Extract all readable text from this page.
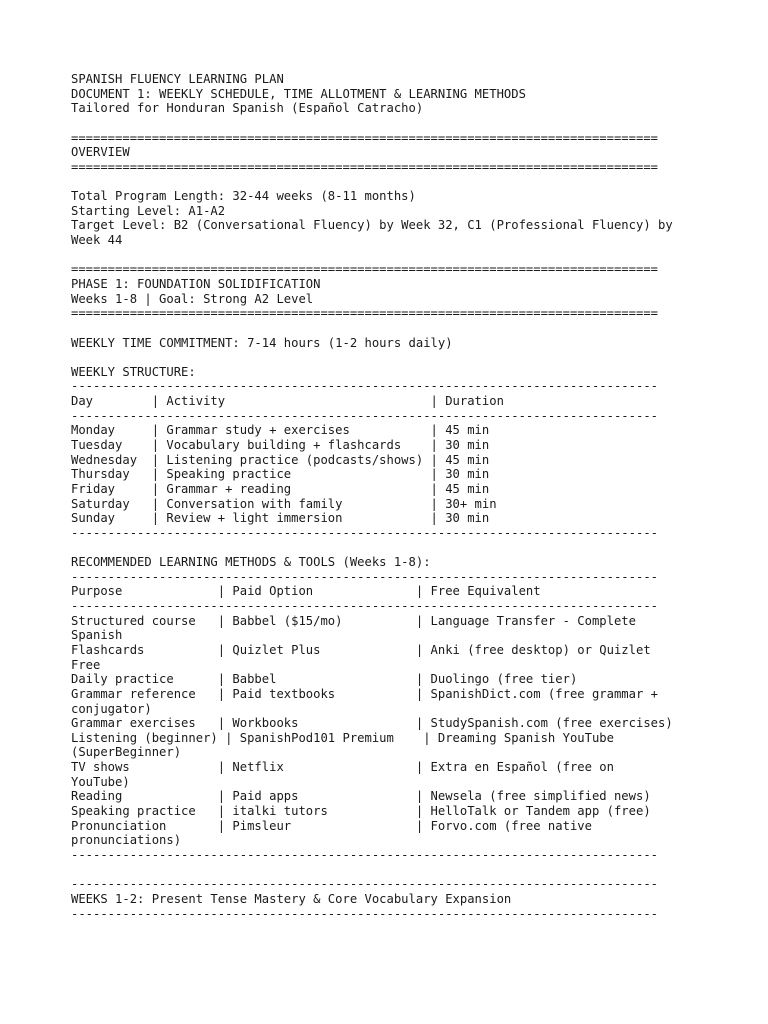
SPANISH FLUENCY LEARNING PLAN
DOCUMENT 1: WEEKLY SCHEDULE, TIME ALLOTMENT & LEARNING METHODS
Tailored for Honduran Spanish (Español Catracho)
================================================================================
OVERVIEW
================================================================================
Total Program Length: 32-44 weeks (8-11 months)
Starting Level: A1-A2
Target Level: B2 (Conversational Fluency) by Week 32, C1 (Professional Fluency) by
Week 44
================================================================================
PHASE 1: FOUNDATION SOLIDIFICATION
Weeks 1-8 | Goal: Strong A2 Level
================================================================================
WEEKLY TIME COMMITMENT: 7-14 hours (1-2 hours daily)
WEEKLY STRUCTURE:
--------------------------------------------------------------------------------
Day        | Activity                            | Duration
--------------------------------------------------------------------------------
Monday     | Grammar study + exercises           | 45 min
Tuesday    | Vocabulary building + flashcards    | 30 min
Wednesday  | Listening practice (podcasts/shows) | 45 min
Thursday   | Speaking practice                   | 30 min
Friday     | Grammar + reading                   | 45 min
Saturday   | Conversation with family            | 30+ min
Sunday     | Review + light immersion            | 30 min
--------------------------------------------------------------------------------
RECOMMENDED LEARNING METHODS & TOOLS (Weeks 1-8):
--------------------------------------------------------------------------------
Purpose             | Paid Option              | Free Equivalent
--------------------------------------------------------------------------------
Structured course   | Babbel ($15/mo)          | Language Transfer - Complete
Spanish
Flashcards          | Quizlet Plus             | Anki (free desktop) or Quizlet
Free
Daily practice      | Babbel                   | Duolingo (free tier)
Grammar reference   | Paid textbooks           | SpanishDict.com (free grammar +
conjugator)
Grammar exercises   | Workbooks                | StudySpanish.com (free exercises)
Listening (beginner) | SpanishPod101 Premium    | Dreaming Spanish YouTube
(SuperBeginner)
TV shows            | Netflix                  | Extra en Español (free on
YouTube)
Reading             | Paid apps                | Newsela (free simplified news)
Speaking practice   | italki tutors            | HelloTalk or Tandem app (free)
Pronunciation       | Pimsleur                 | Forvo.com (free native
pronunciations)
--------------------------------------------------------------------------------
--------------------------------------------------------------------------------
WEEKS 1-2: Present Tense Mastery & Core Vocabulary Expansion
--------------------------------------------------------------------------------
